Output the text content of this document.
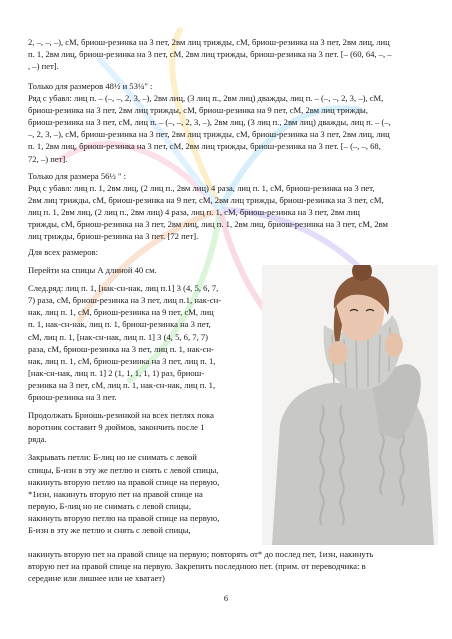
2, –, –, –), сМ, бриош-резинка на 3 пет, 2вм лиц трижды, сМ, бриош-резинка на 3 пет, 2вм лиц, лиц

п. 1, 2вм лиц, бриош-резинка на 3 пет, сМ, 2вм лиц трижды, бриош-резинка на 3 пет. [– (60, 64, –, –

, –) пет].

Только для размеров 48½ и 53¼" :

Ряд с убавл: лиц п. – (–, –, 2, 3, –), 2вм лиц, (3 лиц п., 2вм лиц) дважды, лиц п. – (–, –, 2, 3, –), сМ,

бриош-резинка на 3 пет, 2вм лиц трижды, сМ, бриош-резинка на 9 пет, сМ, 2вм лиц трижды,

бриош-резинка на 3 пет, сМ, лиц п. – (–, –, 2, 3, –), 2вм лиц, (3 лиц п., 2вм лиц) дважды, лиц п. – (–,

–, 2, 3, –), сМ, бриош-резинка на 3 пет, 2вм лиц трижды, сМ, бриош-резинка на 3 пет, 2вм лиц, лиц

п. 1, 2вм лиц, бриош-резинка на 3 пет, сМ, 2вм лиц трижды, бриош-резинка на 3 пет. [– (–, –, 68,

72, –) пет].

Только для размера 56½ " :

Ряд с убавл: лиц п. 1, 2вм лиц, (2 лиц п., 2вм лиц) 4 раза, лиц п. 1, сМ, бриош-резинка на 3 пет,

2вм лиц трижды, сМ, бриош-резинка на 9 пет, сМ, 2вм лиц трижды, бриош-резинка на 3 пет, сМ,

лиц п. 1, 2вм лиц, (2 лиц п., 2вм лиц) 4 раза, лиц п. 1, сМ, бриош-резинка на 3 пет, 2вм лиц

трижды, сМ, бриош-резинка на 3 пет, 2вм лиц, лиц п. 1, 2вм лиц, бриош-резинка на 3 пет, сМ, 2вм

лиц трижды, бриош-резинка на 3 пет. [72 пет].

Для всех размеров:

Перейти на спицы А длиной 40 см.

След.ряд: лиц п. 1, [нак-сн-нак, лиц п.1] 3 (4, 5, 6, 7,

7) раза, сМ, бриош-резинка на 3 пет, лиц п.1, нак-сн-

нак, лиц п. 1, сМ, бриош-резинка на 9 пет, сМ, лиц

п. 1, нак-сн-нак, лиц п. 1, бриош-резинка на 3 пет,

сМ, лиц п. 1, [нак-сн-нак, лиц п. 1] 3 (4, 5, 6, 7, 7)

раза, сМ, бриош-резинка на 3 пет, лиц п. 1, нак-сн-

нак, лиц п. 1, сМ, бриош-резинка на 3 пет, лиц п. 1,

[нак-сн-нак, лиц п. 1] 2 (1, 1, 1, 1, 1) раз, бриош-

резинка на 3 пет, сМ, лиц п. 1, нак-сн-нак, лиц п. 1,

бриош-резинка на 3 пет.

Продолжать Бриошь-резинкой на всех петлях пока

воротник составит 9 дюймов, закончить после 1

ряда.

Закрывать петли: Б-лиц но не снимать с левой

спицы, Б-изн в эту же петлю и снять с левой спицы,

накинуть вторую петлю на правой спице на первую,

*1изн, накинуть вторую пет на правой спице на

первую, Б-лиц но не снимать с левой спицы,

накинуть вторую петлю на правой спице на первую,

Б-изн в эту же петлю и снять с левой спицы,

накинуть вторую пет на правой спице на первую; повторять от* до послед пет, 1изн, накинуть

вторую пет на правой спице на первую. Закрепить последнюю пет. (прим. от переводчика: в

середине или лишнее или не хватает)

6
